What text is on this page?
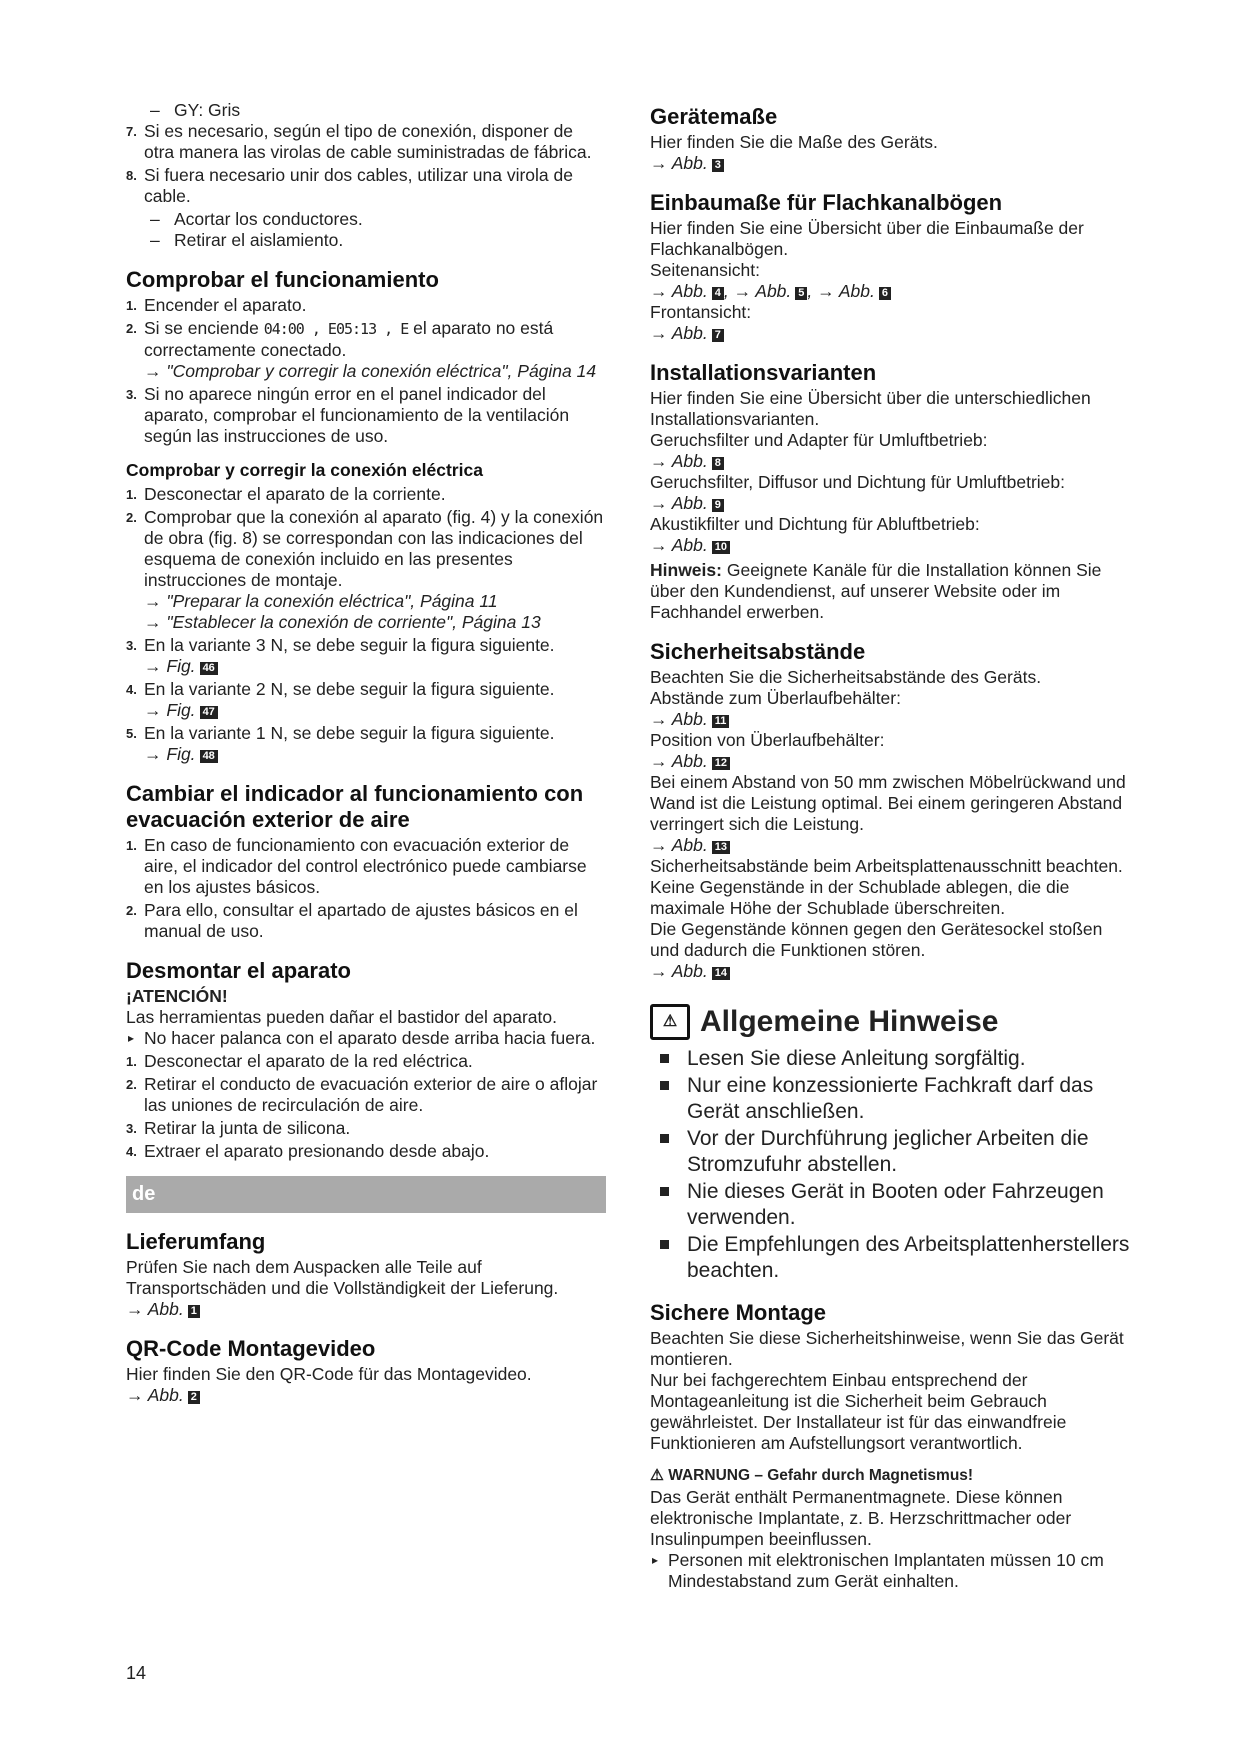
– GY: Gris
7. Si es necesario, según el tipo de conexión, disponer de otra manera las virolas de cable suministradas de fábrica.
8. Si fuera necesario unir dos cables, utilizar una virola de cable.
– Acortar los conductores.
– Retirar el aislamiento.
Comprobar el funcionamiento
1. Encender el aparato.
2. Si se enciende 04:00 , E05:13 , E el aparato no está correctamente conectado.
→ "Comprobar y corregir la conexión eléctrica", Página 14
3. Si no aparece ningún error en el panel indicador del aparato, comprobar el funcionamiento de la ventilación según las instrucciones de uso.
Comprobar y corregir la conexión eléctrica
1. Desconectar el aparato de la corriente.
2. Comprobar que la conexión al aparato (fig. 4) y la conexión de obra (fig. 8) se correspondan con las indicaciones del esquema de conexión incluido en las presentes instrucciones de montaje.
→ "Preparar la conexión eléctrica", Página 11
→ "Establecer la conexión de corriente", Página 13
3. En la variante 3 N, se debe seguir la figura siguiente.
→ Fig. 46
4. En la variante 2 N, se debe seguir la figura siguiente.
→ Fig. 47
5. En la variante 1 N, se debe seguir la figura siguiente.
→ Fig. 48
Cambiar el indicador al funcionamiento con evacuación exterior de aire
1. En caso de funcionamiento con evacuación exterior de aire, el indicador del control electrónico puede cambiarse en los ajustes básicos.
2. Para ello, consultar el apartado de ajustes básicos en el manual de uso.
Desmontar el aparato
¡ATENCIÓN!
Las herramientas pueden dañar el bastidor del aparato.
▸ No hacer palanca con el aparato desde arriba hacia fuera.
1. Desconectar el aparato de la red eléctrica.
2. Retirar el conducto de evacuación exterior de aire o aflojar las uniones de recirculación de aire.
3. Retirar la junta de silicona.
4. Extraer el aparato presionando desde abajo.
de
Lieferumfang
Prüfen Sie nach dem Auspacken alle Teile auf Transportschäden und die Vollständigkeit der Lieferung.
→ Abb. 1
QR-Code Montagevideo
Hier finden Sie den QR-Code für das Montagevideo.
→ Abb. 2
Gerätemaße
Hier finden Sie die Maße des Geräts.
→ Abb. 3
Einbaumaße für Flachkanalbögen
Hier finden Sie eine Übersicht über die Einbaumaße der Flachkanalbögen.
Seitenansicht:
→ Abb. 4 , → Abb. 5 , → Abb. 6
Frontansicht:
→ Abb. 7
Installationsvarianten
Hier finden Sie eine Übersicht über die unterschiedlichen Installationsvarianten.
Geruchsfilter und Adapter für Umluftbetrieb:
→ Abb. 8
Geruchsfilter, Diffusor und Dichtung für Umluftbetrieb:
→ Abb. 9
Akustikfilter und Dichtung für Abluftbetrieb:
→ Abb. 10
Hinweis: Geeignete Kanäle für die Installation können Sie über den Kundendienst, auf unserer Website oder im Fachhandel erwerben.
Sicherheitsabstände
Beachten Sie die Sicherheitsabstände des Geräts.
Abstände zum Überlaufbehälter:
→ Abb. 11
Position von Überlaufbehälter:
→ Abb. 12
Bei einem Abstand von 50 mm zwischen Möbelrückwand und Wand ist die Leistung optimal. Bei einem geringeren Abstand verringert sich die Leistung.
→ Abb. 13
Sicherheitsabstände beim Arbeitsplattenausschnitt beachten.
Keine Gegenstände in der Schublade ablegen, die die maximale Höhe der Schublade überschreiten.
Die Gegenstände können gegen den Gerätesockel stoßen und dadurch die Funktionen stören.
→ Abb. 14
⚠ Allgemeine Hinweise
Lesen Sie diese Anleitung sorgfältig.
Nur eine konzessionierte Fachkraft darf das Gerät anschließen.
Vor der Durchführung jeglicher Arbeiten die Stromzufuhr abstellen.
Nie dieses Gerät in Booten oder Fahrzeugen verwenden.
Die Empfehlungen des Arbeitsplattenherstellers beachten.
Sichere Montage
Beachten Sie diese Sicherheitshinweise, wenn Sie das Gerät montieren.
Nur bei fachgerechtem Einbau entsprechend der Montageanleitung ist die Sicherheit beim Gebrauch gewährleistet. Der Installateur ist für das einwandfreie Funktionieren am Aufstellungsort verantwortlich.
⚠ WARNUNG – Gefahr durch Magnetismus!
Das Gerät enthält Permanentmagnete. Diese können elektronische Implantate, z. B. Herzschrittmacher oder Insulinpumpen beeinflussen.
▸ Personen mit elektronischen Implantaten müssen 10 cm Mindestabstand zum Gerät einhalten.
14
